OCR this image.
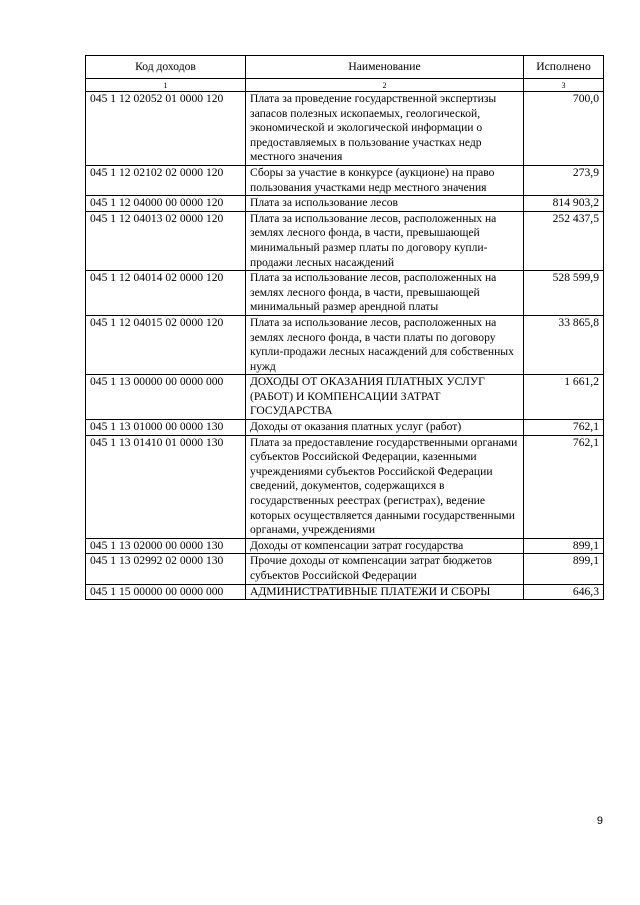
Код доходов	Наименование	Исполнено
1	2	3
045 1 12 02052 01 0000 120	Плата за проведение государственной экспертизы запасов полезных ископаемых, геологической, экономической и экологической информации о предоставляемых в пользование участках недр местного значения	700,0
045 1 12 02102 02 0000 120	Сборы за участие в конкурсе (аукционе) на право пользования участками недр местного значения	273,9
045 1 12 04000 00 0000 120	Плата за использование лесов	814 903,2
045 1 12 04013 02 0000 120	Плата за использование лесов, расположенных на землях лесного фонда, в части, превышающей минимальный размер платы по договору купли-продажи лесных насаждений	252 437,5
045 1 12 04014 02 0000 120	Плата за использование лесов, расположенных на землях лесного фонда, в части, превышающей минимальный размер арендной платы	528 599,9
045 1 12 04015 02 0000 120	Плата за использование лесов, расположенных на землях лесного фонда, в части платы по договору купли-продажи лесных насаждений для собственных нужд	33 865,8
045 1 13 00000 00 0000 000	ДОХОДЫ ОТ ОКАЗАНИЯ ПЛАТНЫХ УСЛУГ (РАБОТ) И КОМПЕНСАЦИИ ЗАТРАТ ГОСУДАРСТВА	1 661,2
045 1 13 01000 00 0000 130	Доходы от оказания платных услуг (работ)	762,1
045 1 13 01410 01 0000 130	Плата за предоставление государственными органами субъектов Российской Федерации, казенными учреждениями субъектов Российской Федерации сведений, документов, содержащихся в государственных реестрах (регистрах), ведение которых осуществляется данными государственными органами, учреждениями	762,1
045 1 13 02000 00 0000 130	Доходы от компенсации затрат государства	899,1
045 1 13 02992 02 0000 130	Прочие доходы от компенсации затрат бюджетов субъектов Российской Федерации	899,1
045 1 15 00000 00 0000 000	АДМИНИСТРАТИВНЫЕ ПЛАТЕЖИ И СБОРЫ	646,3
9
